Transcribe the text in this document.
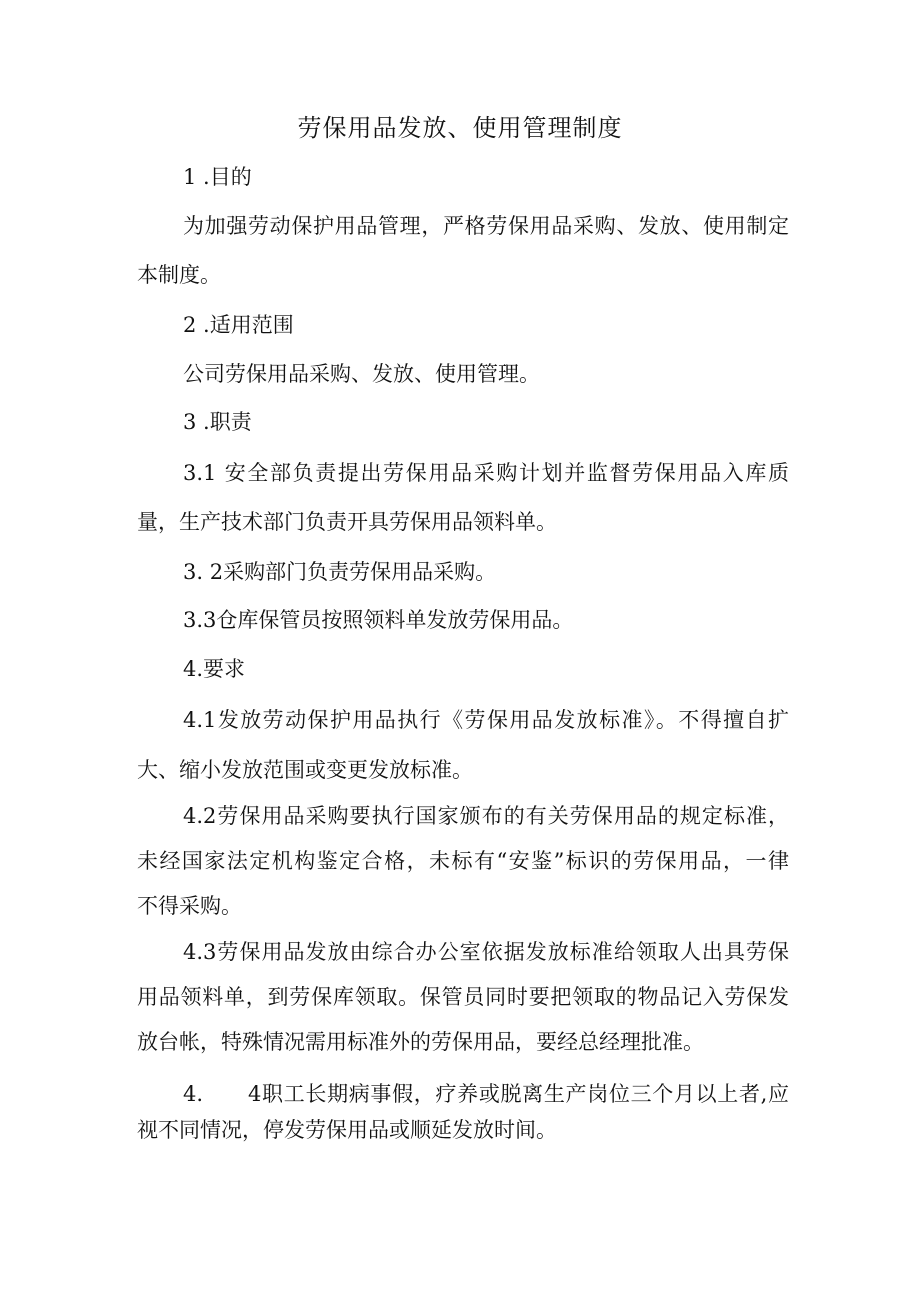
劳保用品发放、使用管理制度

1 .目的

为加强劳动保护用品管理，严格劳保用品采购、发放、使用制定

本制度。

2 .适用范围

公司劳保用品采购、发放、使用管理。

3 .职责

3.1 安全部负责提出劳保用品采购计划并监督劳保用品入库质

量，生产技术部门负责开具劳保用品领料单。

3. 2采购部门负责劳保用品采购。

3.3仓库保管员按照领料单发放劳保用品。

4.要求

4.1发放劳动保护用品执行《劳保用品发放标准》。不得擅自扩

大、缩小发放范围或变更发放标准。

4.2劳保用品采购要执行国家颁布的有关劳保用品的规定标准，

未经国家法定机构鉴定合格，未标有“安鉴”标识的劳保用品，一律

不得采购。

4.3劳保用品发放由综合办公室依据发放标准给领取人出具劳保

用品领料单，到劳保库领取。保管员同时要把领取的物品记入劳保发

放台帐，特殊情况需用标准外的劳保用品，要经总经理批准。

4. 4职工长期病事假，疗养或脱离生产岗位三个月以上者,应

视不同情况，停发劳保用品或顺延发放时间。
